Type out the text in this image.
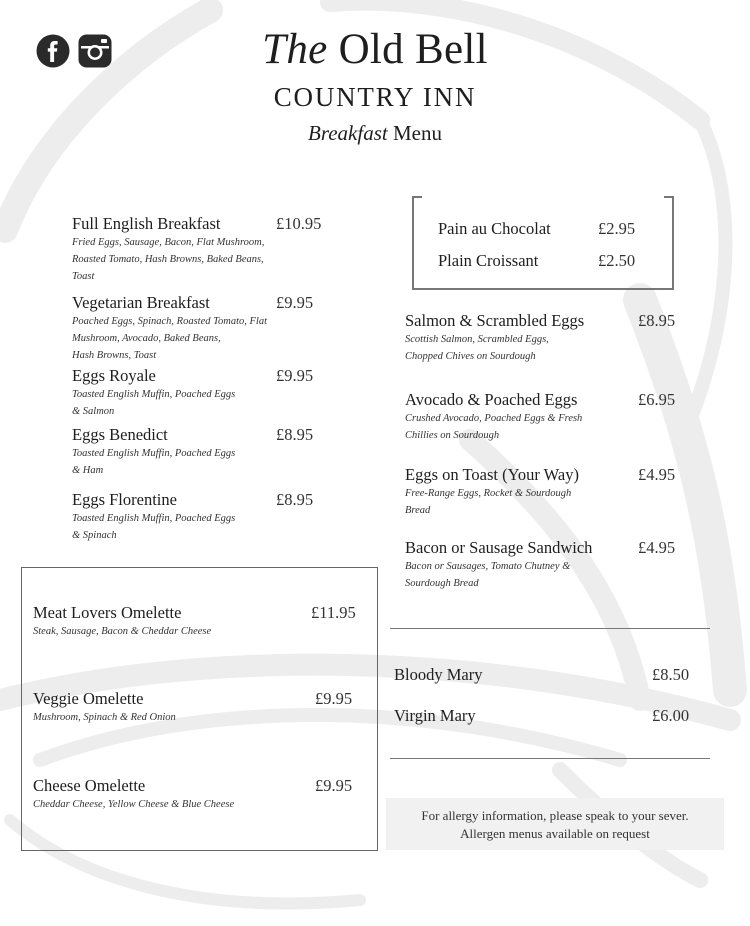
The Old Bell
COUNTRY INN
Breakfast Menu
Full English Breakfast	£10.95
Fried Eggs, Sausage, Bacon, Flat Mushroom,
Roasted Tomato, Hash Browns, Baked Beans,
Toast
Vegetarian Breakfast	£9.95
Poached Eggs, Spinach, Roasted Tomato, Flat
Mushroom, Avocado, Baked Beans,
Hash Browns, Toast
Eggs Royale	£9.95
Toasted English Muffin, Poached Eggs
& Salmon
Eggs Benedict	£8.95
Toasted English Muffin, Poached Eggs
& Ham
Eggs Florentine	£8.95
Toasted English Muffin, Poached Eggs
& Spinach
Pain au Chocolat	£2.95
Plain Croissant	£2.50
Salmon & Scrambled Eggs	£8.95
Scottish Salmon, Scrambled Eggs,
Chopped Chives on Sourdough
Avocado & Poached Eggs	£6.95
Crushed Avocado, Poached Eggs & Fresh
Chillies on Sourdough
Eggs on Toast (Your Way)	£4.95
Free-Range Eggs, Rocket & Sourdough
Bread
Bacon or Sausage Sandwich	£4.95
Bacon or Sausages, Tomato Chutney &
Sourdough Bread
Meat Lovers Omelette	£11.95
Steak, Sausage, Bacon & Cheddar Cheese
Veggie Omelette	£9.95
Mushroom, Spinach & Red Onion
Cheese Omelette	£9.95
Cheddar Cheese, Yellow Cheese & Blue Cheese
Bloody Mary	£8.50
Virgin Mary	£6.00
For allergy information, please speak to your sever.
Allergen menus available on request
